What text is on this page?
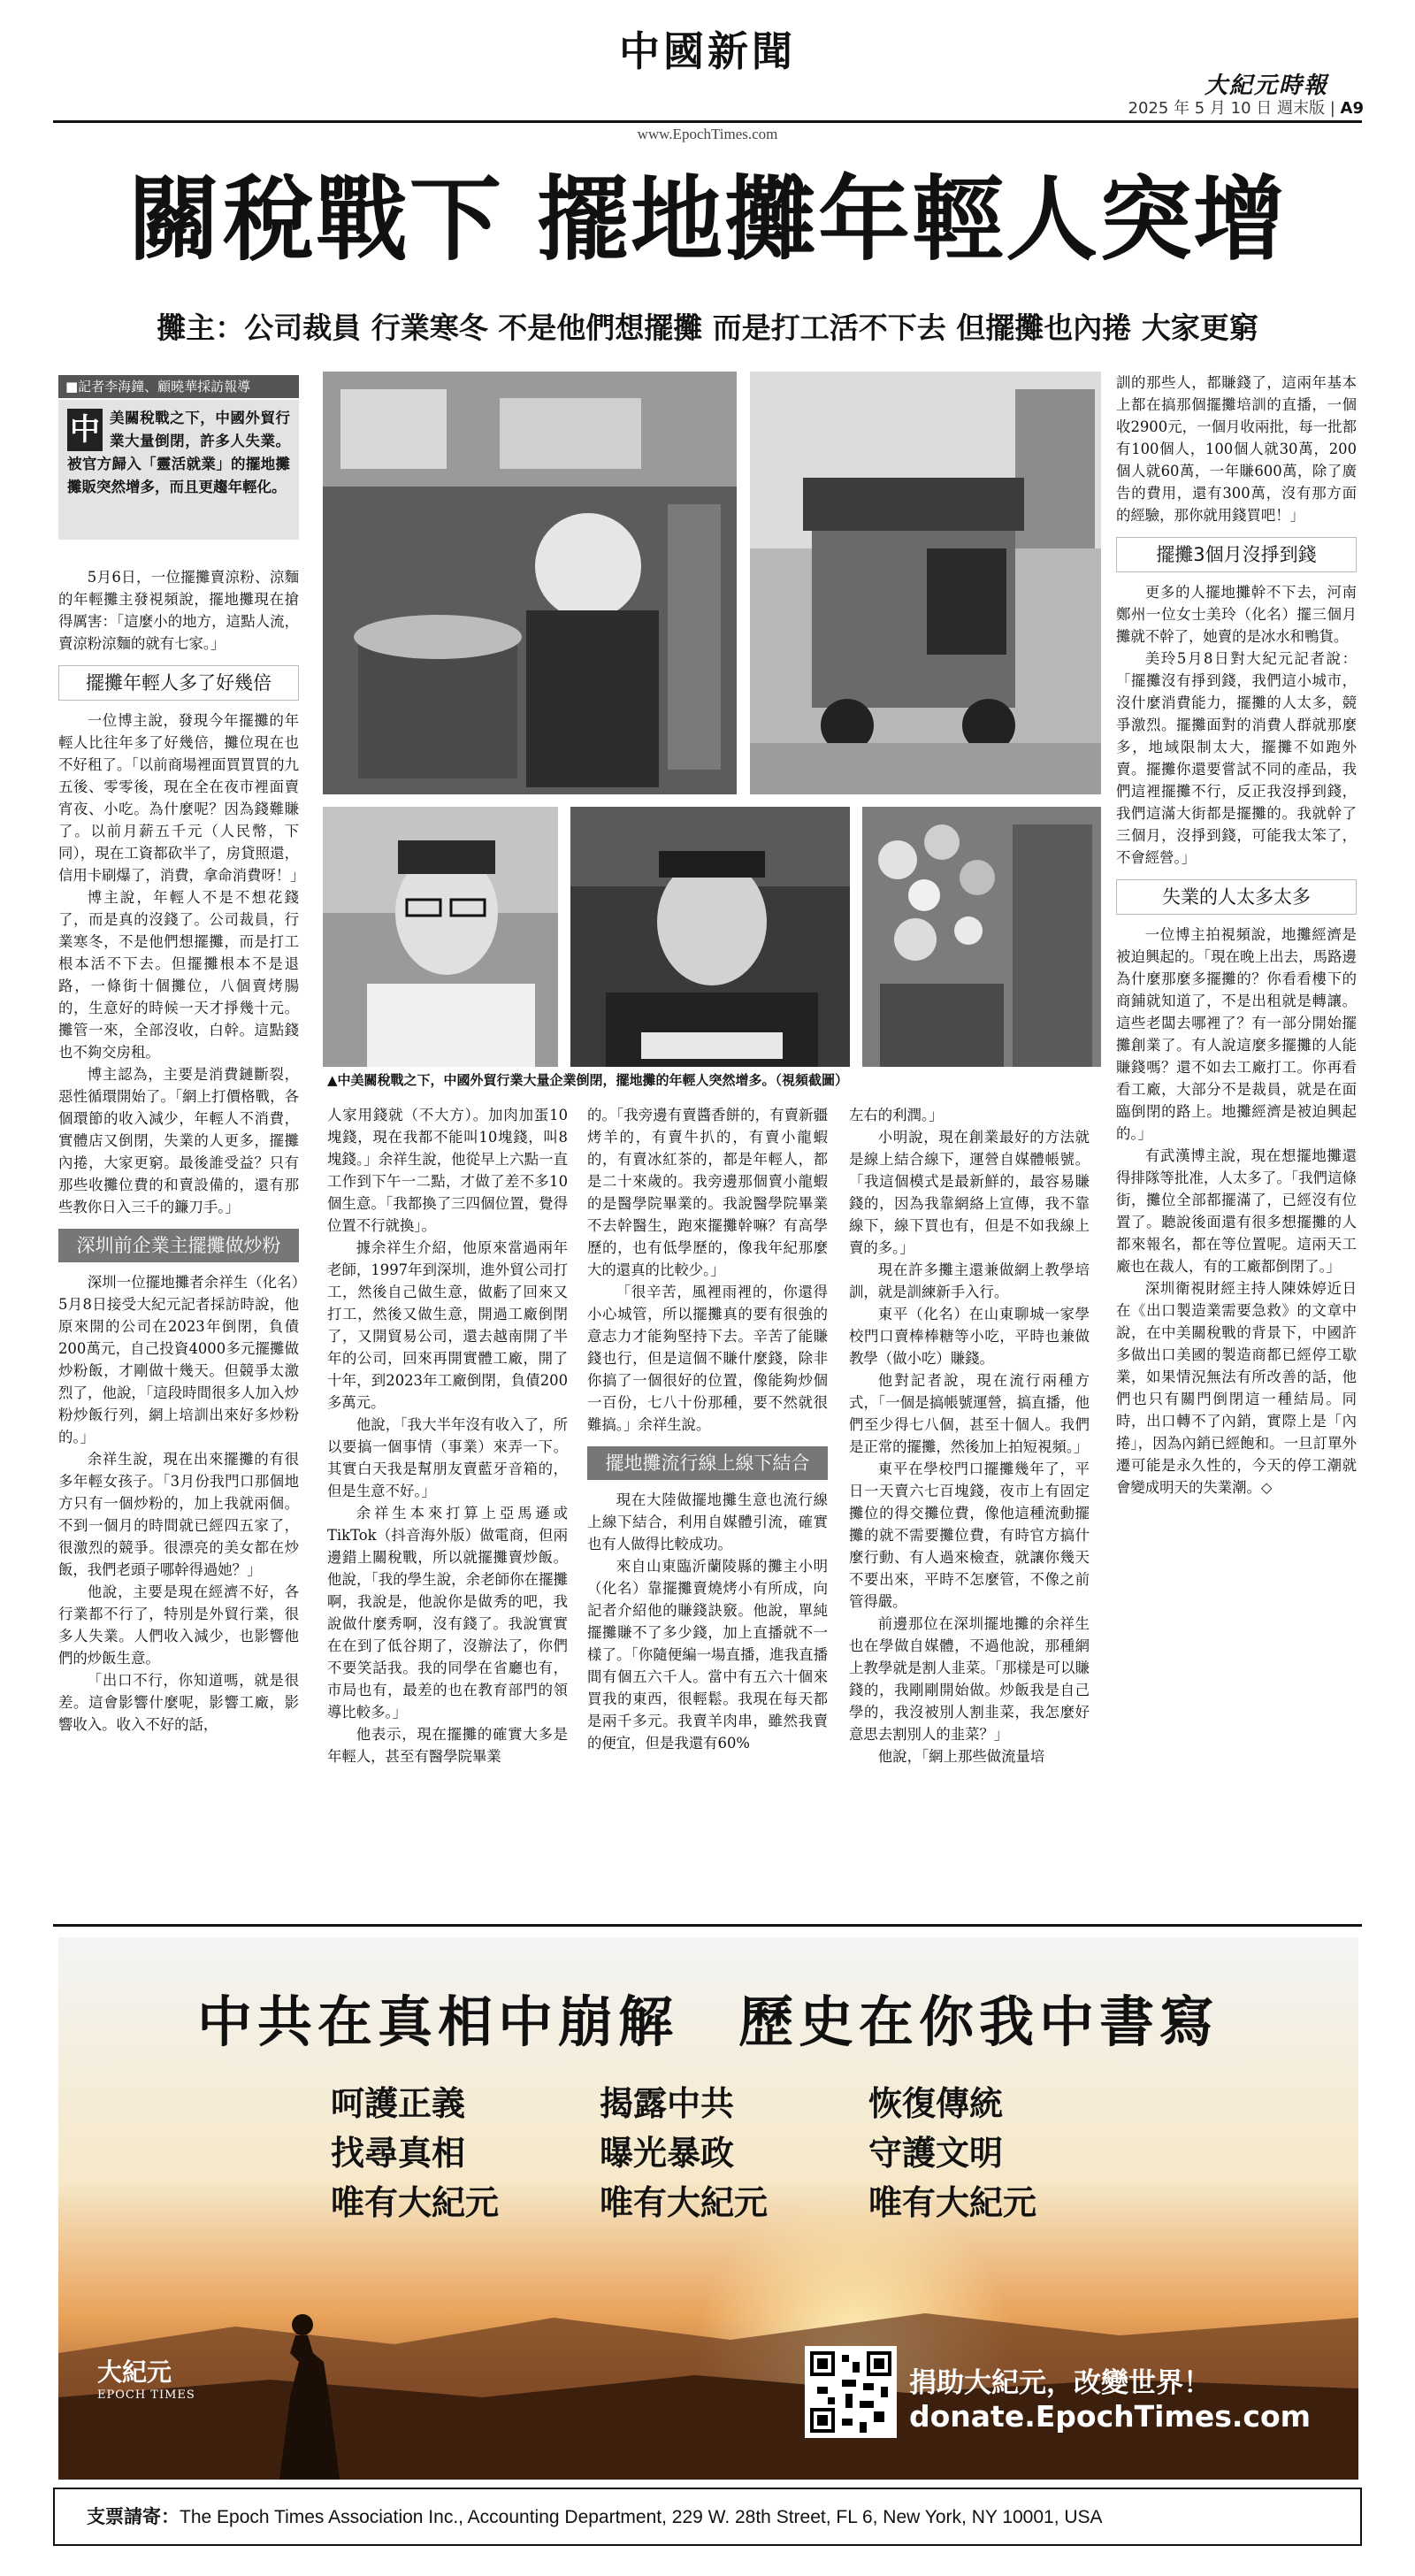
中國新聞
大紀元時報
2025 年 5 月 10 日 週末版 | A9
www.EpochTimes.com
關稅戰下 擺地攤年輕人突增
攤主：公司裁員 行業寒冬 不是他們想擺攤 而是打工活不下去 但擺攤也內捲 大家更窮
■記者李海鐘、顧曉華採訪報導
中 美關稅戰之下，中國外貿行業大量倒閉，許多人失業。被官方歸入「靈活就業」的擺地攤攤販突然增多，而且更趨年輕化。

5月6日，一位擺攤賣涼粉、涼麵的年輕攤主發視頻說，擺地攤現在搶得厲害：「這麼小的地方，這點人流，賣涼粉涼麵的就有七家。」

擺攤年輕人多了好幾倍

一位博主說，發現今年擺攤的年輕人比往年多了好幾倍，攤位現在也不好租了。「以前商場裡面買買買的九五後、零零後，現在全在夜市裡面賣宵夜、小吃。為什麼呢？因為錢難賺了。以前月薪五千元（人民幣，下同），現在工資都砍半了，房貸照還，信用卡刷爆了，消費，拿命消費呀！」

博主說，年輕人不是不想花錢了，而是真的沒錢了。公司裁員，行業寒冬，不是他們想擺攤，而是打工根本活不下去。但擺攤根本不是退路，一條街十個攤位，八個賣烤腸的，生意好的時候一天才掙幾十元。攤管一來，全部沒收，白幹。這點錢也不夠交房租。

博主認為，主要是消費鏈斷裂，惡性循環開始了。「網上打價格戰，各個環節的收入減少，年輕人不消費，實體店又倒閉，失業的人更多，擺攤內捲，大家更窮。最後誰受益？只有那些收攤位費的和賣設備的，還有那些教你日入三千的鐮刀手。」

深圳前企業主擺攤做炒粉

深圳一位擺地攤者余祥生（化名）5月8日接受大紀元記者採訪時說，他原來開的公司在2023年倒閉，負債200萬元，自己投資4000多元擺攤做炒粉飯，才剛做十幾天。但競爭太激烈了，他說，「這段時間很多人加入炒粉炒飯行列，網上培訓出來好多炒粉的。」

余祥生說，現在出來擺攤的有很多年輕女孩子。「3月份我門口那個地方只有一個炒粉的，加上我就兩個。不到一個月的時間就已經四五家了，很激烈的競爭。很漂亮的美女都在炒飯，我們老頭子哪幹得過她？」

他說，主要是現在經濟不好，各行業都不行了，特別是外貿行業，很多人失業。人們收入減少，也影響他們的炒飯生意。

「出口不行，你知道嗎，就是很差。這會影響什麼呢，影響工廠，影響收入。收入不好的話，

▲中美關稅戰之下，中國外貿行業大量企業倒閉，擺地攤的年輕人突然增多。（視頻截圖）

人家用錢就（不大方）。加肉加蛋10塊錢，現在我都不能叫10塊錢，叫8塊錢。」余祥生說，他從早上六點一直工作到下午一二點，才做了差不多10個生意。「我都換了三四個位置，覺得位置不行就換」。

據余祥生介紹，他原來當過兩年老師，1997年到深圳，進外貿公司打工，然後自己做生意，做虧了回來又打工，然後又做生意，開過工廠倒閉了，又開貿易公司，還去越南開了半年的公司，回來再開實體工廠，開了十年，到2023年工廠倒閉，負債200多萬元。

他說，「我大半年沒有收入了，所以要搞一個事情（事業）來弄一下。其實白天我是幫朋友賣藍牙音箱的，但是生意不好。」

余祥生本來打算上亞馬遜或TikTok（抖音海外版）做電商，但兩邊錯上關稅戰，所以就擺攤賣炒飯。他說，「我的學生說，余老師你在擺攤啊，我說是，他說你是做秀的吧，我說做什麼秀啊，沒有錢了。我說實實在在到了低谷期了，沒辦法了，你們不要笑話我。我的同學在省廳也有，市局也有，最差的也在教育部門的領導比較多。」

他表示，現在擺攤的確實大多是年輕人，甚至有醫學院畢業

的。「我旁邊有賣醬香餅的，有賣新疆烤羊的，有賣牛扒的，有賣小龍蝦的，有賣冰紅茶的，都是年輕人，都是二十來歲的。我旁邊那個賣小龍蝦的是醫學院畢業的。我說醫學院畢業不去幹醫生，跑來擺攤幹嘛？有高學歷的，也有低學歷的，像我年紀那麼大的還真的比較少。」

「很辛苦，風裡雨裡的，你還得小心城管，所以擺攤真的要有很強的意志力才能夠堅持下去。辛苦了能賺錢也行，但是這個不賺什麼錢，除非你搞了一個很好的位置，像能夠炒個一百份，七八十份那種，要不然就很難搞。」余祥生說。

擺地攤流行線上線下結合

現在大陸做擺地攤生意也流行線上線下結合，利用自媒體引流，確實也有人做得比較成功。

來自山東臨沂蘭陵縣的攤主小明（化名）靠擺攤賣燒烤小有所成，向記者介紹他的賺錢訣竅。他說，單純擺攤賺不了多少錢，加上直播就不一樣了。「你隨便編一場直播，進我直播間有個五六千人。當中有五六十個來買我的東西，很輕鬆。我現在每天都是兩千多元。我賣羊肉串，雖然我賣的便宜，但是我還有60%

左右的利潤。」

小明說，現在創業最好的方法就是線上結合線下，運營自媒體帳號。「我這個模式是最新鮮的，最容易賺錢的，因為我靠網絡上宣傳，我不靠線下，線下買也有，但是不如我線上賣的多。」

現在許多攤主還兼做網上教學培訓，就是訓練新手入行。

東平（化名）在山東聊城一家學校門口賣棒棒糖等小吃，平時也兼做教學（做小吃）賺錢。

他對記者說，現在流行兩種方式，「一個是搞帳號運營，搞直播，他們至少得七八個，甚至十個人。我們是正常的擺攤，然後加上拍短視頻。」

東平在學校門口擺攤幾年了，平日一天賣六七百塊錢，夜市上有固定攤位的得交攤位費，像他這種流動擺攤的就不需要攤位費，有時官方搞什麼行動、有人過來檢查，就讓你幾天不要出來，平時不怎麼管，不像之前管得嚴。

前邊那位在深圳擺地攤的余祥生也在學做自媒體，不過他說，那種網上教學就是割人韭菜。「那樣是可以賺錢的，我剛剛開始做。炒飯我是自己學的，我沒被別人割韭菜，我怎麼好意思去割別人的韭菜？」

他說，「網上那些做流量培

訓的那些人，都賺錢了，這兩年基本上都在搞那個擺攤培訓的直播，一個收2900元，一個月收兩批，每一批都有100個人，100個人就30萬，200個人就60萬，一年賺600萬，除了廣告的費用，還有300萬，沒有那方面的經驗，那你就用錢買吧！」

擺攤3個月沒掙到錢

更多的人擺地攤幹不下去，河南鄭州一位女士美玲（化名）擺三個月攤就不幹了，她賣的是冰水和鴨貨。

美玲5月8日對大紀元記者說：「擺攤沒有掙到錢，我們這小城市，沒什麼消費能力，擺攤的人太多，競爭激烈。擺攤面對的消費人群就那麼多，地域限制太大，擺攤不如跑外賣。擺攤你還要嘗試不同的產品，我們這裡擺攤不行，反正我沒掙到錢，我們這滿大街都是擺攤的。我就幹了三個月，沒掙到錢，可能我太笨了，不會經營。」

失業的人太多太多

一位博主拍視頻說，地攤經濟是被迫興起的。「現在晚上出去，馬路邊為什麼那麼多擺攤的？你看看樓下的商鋪就知道了，不是出租就是轉讓。這些老闆去哪裡了？有一部分開始擺攤創業了。有人說這麼多擺攤的人能賺錢嗎？還不如去工廠打工。你再看看工廠，大部分不是裁員，就是在面臨倒閉的路上。地攤經濟是被迫興起的。」

有武漢博主說，現在想擺地攤還得排隊等批准，人太多了。「我們這條街，攤位全部都擺滿了，已經沒有位置了。聽說後面還有很多想擺攤的人都來報名，都在等位置呢。這兩天工廠也在裁人，有的工廠都倒閉了。」

深圳衛視財經主持人陳姝婷近日在《出口製造業需要急救》的文章中說，在中美關稅戰的背景下，中國許多做出口美國的製造商都已經停工歇業，如果情況無法有所改善的話，他們也只有關門倒閉這一種結局。同時，出口轉不了內銷，實際上是「內捲」，因為內銷已經飽和。一旦訂單外遷可能是永久性的，今天的停工潮就會變成明天的失業潮。◇

中共在真相中崩解　歷史在你我中書寫
呵護正義
找尋真相
唯有大紀元
揭露中共
曝光暴政
唯有大紀元
恢復傳統
守護文明
唯有大紀元
大紀元
EPOCH TIMES	捐助大紀元，改變世界！
donate.EpochTimes.com
支票請寄：The Epoch Times Association Inc., Accounting Department, 229 W. 28th Street, FL 6, New York, NY 10001, USA
